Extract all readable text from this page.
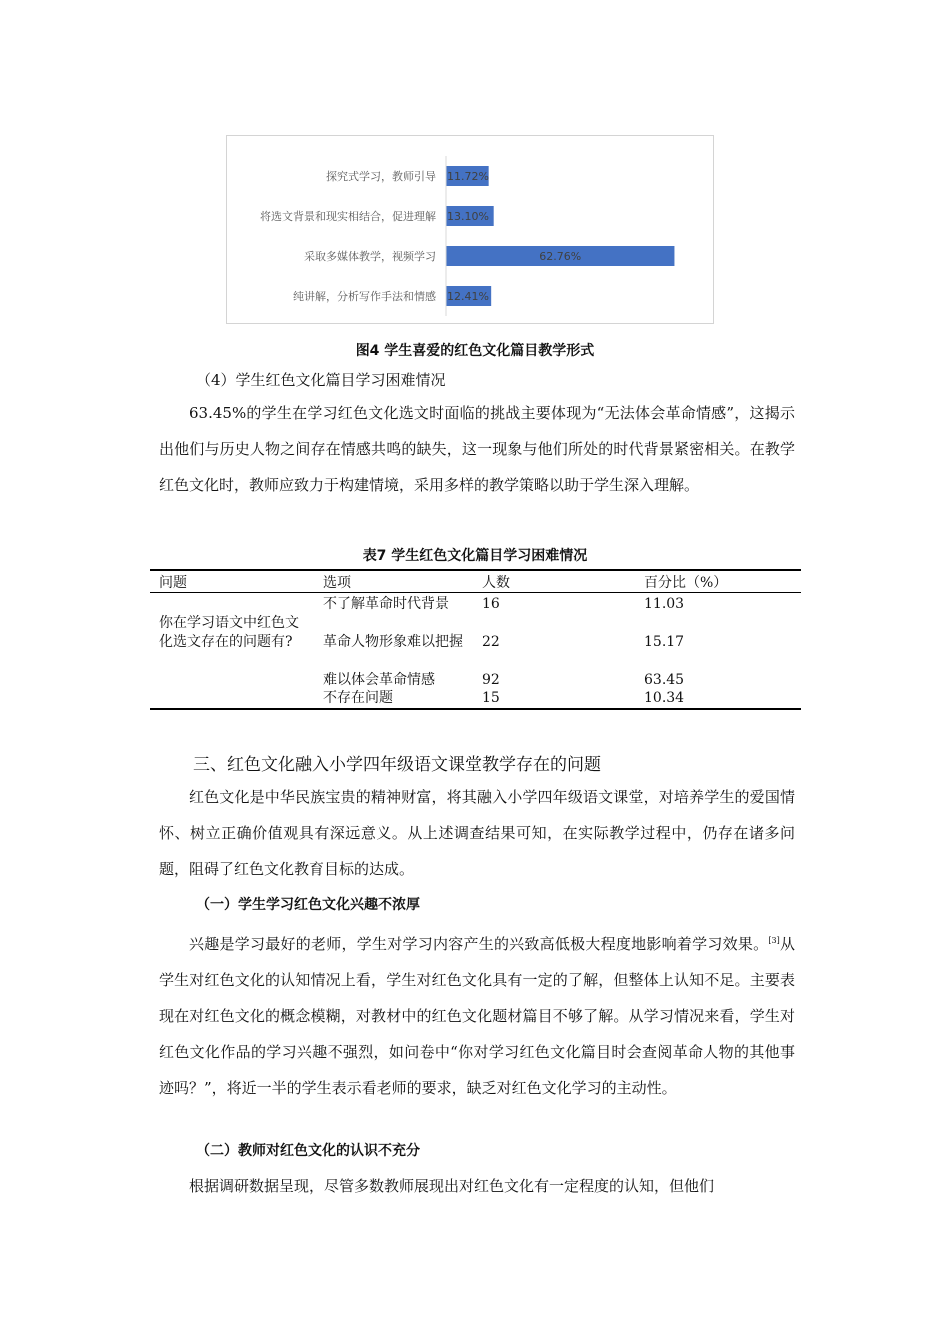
探究式学习，教师引导 11.72%
将选文背景和现实相结合，促进理解 13.10%
采取多媒体教学，视频学习	62.76%
纯讲解，分析写作手法和情感 12.41%
图4 学生喜爱的红色文化篇目教学形式
（4）学生红色文化篇目学习困难情况
63.45%的学生在学习红色文化选文时面临的挑战主要体现为“无法体会革命情感”，这揭示出他们与历史人物之间存在情感共鸣的缺失，这一现象与他们所处的时代背景紧密相关。在教学红色文化时，教师应致力于构建情境，采用多样的教学策略以助于学生深入理解。
表7 学生红色文化篇目学习困难情况
问题	选项	人数	百分比（%）
你在学习语文中红色文化选文存在的问题有?
不了解革命时代背景	16	11.03
革命人物形象难以把握	22	15.17
难以体会革命情感	92	63.45
不存在问题	15	10.34
三、红色文化融入小学四年级语文课堂教学存在的问题
红色文化是中华民族宝贵的精神财富，将其融入小学四年级语文课堂，对培养学生的爱国情怀、树立正确价值观具有深远意义。从上述调查结果可知，在实际教学过程中，仍存在诸多问题，阻碍了红色文化教育目标的达成。
（一）学生学习红色文化兴趣不浓厚
兴趣是学习最好的老师，学生对学习内容产生的兴致高低极大程度地影响着学习效果。[3]从学生对红色文化的认知情况上看，学生对红色文化具有一定的了解，但整体上认知不足。主要表现在对红色文化的概念模糊，对教材中的红色文化题材篇目不够了解。从学习情况来看，学生对红色文化作品的学习兴趣不强烈，如问卷中“你对学习红色文化篇目时会查阅革命人物的其他事迹吗？”，将近一半的学生表示看老师的要求，缺乏对红色文化学习的主动性。
（二）教师对红色文化的认识不充分
根据调研数据呈现，尽管多数教师展现出对红色文化有一定程度的认知，但他们
